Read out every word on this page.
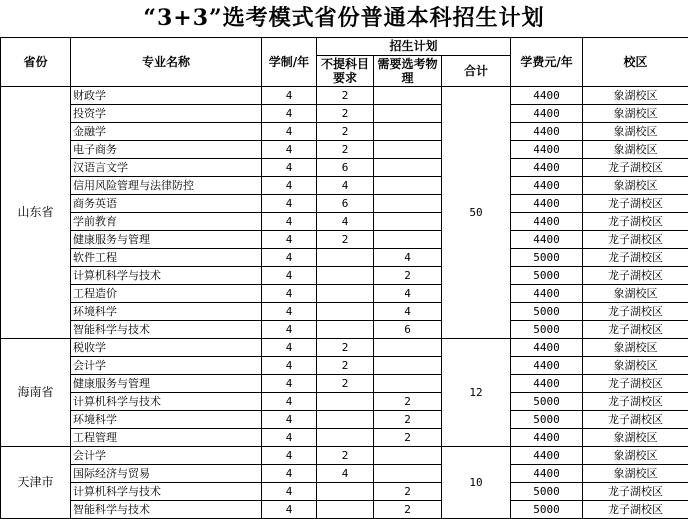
“3+3”选考模式省份普通本科招生计划
省份	专业名称	学制/年	招生计划			学费元/年	校区
			不提科目要求	需要选考物理	合计		
山东省	财政学	4	2		50	4400	象湖校区
	投资学	4	2			4400	象湖校区
	金融学	4	2			4400	象湖校区
	电子商务	4	2			4400	象湖校区
	汉语言文学	4	6			4400	龙子湖校区
	信用风险管理与法律防控	4	4			4400	象湖校区
	商务英语	4	6			4400	龙子湖校区
	学前教育	4	4			4400	龙子湖校区
	健康服务与管理	4	2			4400	龙子湖校区
	软件工程	4		4		5000	龙子湖校区
	计算机科学与技术	4		2		5000	龙子湖校区
	工程造价	4		4		4400	象湖校区
	环境科学	4		4		5000	龙子湖校区
	智能科学与技术	4		6		5000	龙子湖校区
海南省	税收学	4	2		12	4400	象湖校区
	会计学	4	2			4400	象湖校区
	健康服务与管理	4	2			4400	龙子湖校区
	计算机科学与技术	4		2		5000	龙子湖校区
	环境科学	4		2		5000	龙子湖校区
	工程管理	4		2		4400	象湖校区
天津市	会计学	4	2		10	4400	象湖校区
	国际经济与贸易	4	4			4400	象湖校区
	计算机科学与技术	4		2		5000	龙子湖校区
	智能科学与技术	4		2		5000	龙子湖校区
